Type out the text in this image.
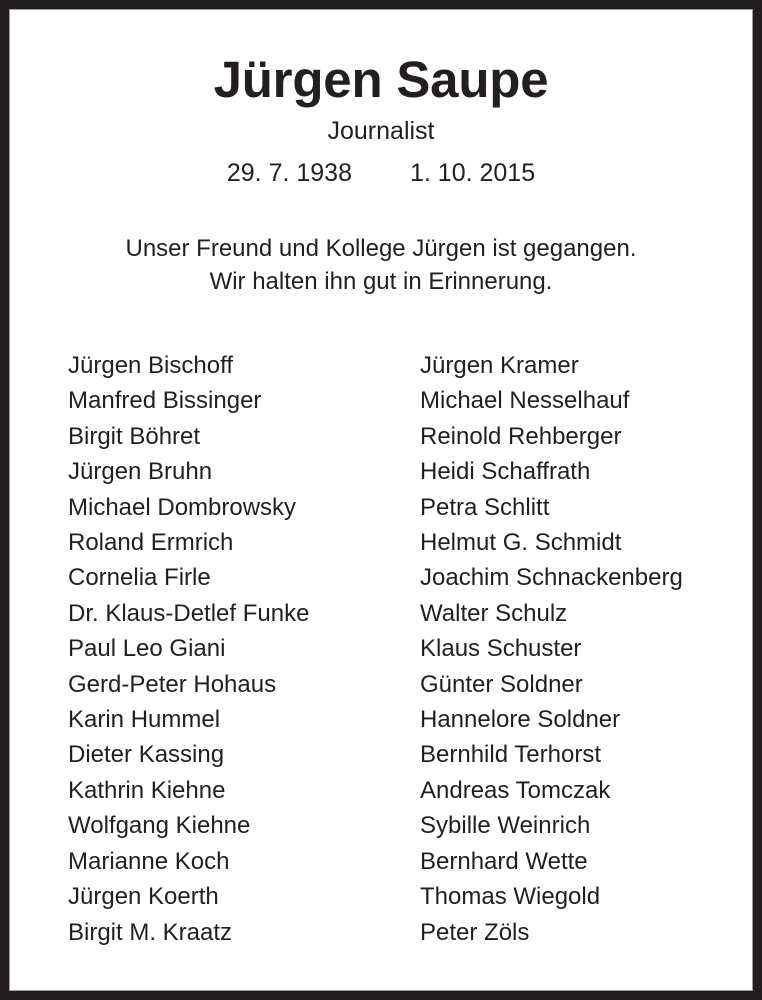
Jürgen Saupe
Journalist
29. 7. 1938 1. 10. 2015
Unser Freund und Kollege Jürgen ist gegangen.
Wir halten ihn gut in Erinnerung.
Jürgen Bischoff
Manfred Bissinger
Birgit Böhret
Jürgen Bruhn
Michael Dombrowsky
Roland Ermrich
Cornelia Firle
Dr. Klaus-Detlef Funke
Paul Leo Giani
Gerd-Peter Hohaus
Karin Hummel
Dieter Kassing
Kathrin Kiehne
Wolfgang Kiehne
Marianne Koch
Jürgen Koerth
Birgit M. Kraatz
Jürgen Kramer
Michael Nesselhauf
Reinold Rehberger
Heidi Schaffrath
Petra Schlitt
Helmut G. Schmidt
Joachim Schnackenberg
Walter Schulz
Klaus Schuster
Günter Soldner
Hannelore Soldner
Bernhild Terhorst
Andreas Tomczak
Sybille Weinrich
Bernhard Wette
Thomas Wiegold
Peter Zöls
